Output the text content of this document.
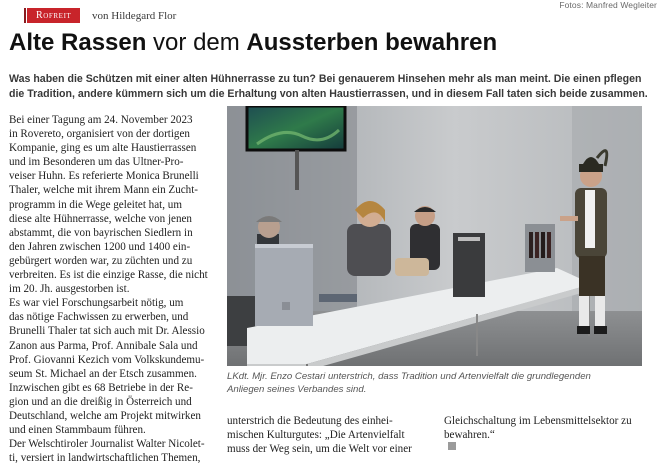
Fotos: Manfred Wegleiter
Rofreit	von Hildegard Flor
Alte Rassen vor dem Aussterben bewahren
Was haben die Schützen mit einer alten Hühnerrasse zu tun? Bei genauerem Hinsehen mehr als man meint. Die einen pflegen
die Tradition, andere kümmern sich um die Erhaltung von alten Haustierrassen, und in diesem Fall taten sich beide zusammen.
Bei einer Tagung am 24. November 2023
in Rovereto, organisiert von der dortigen
Kompanie, ging es um alte Haustierrassen
und im Besonderen um das Ultner-Pro-
veiser Huhn. Es referierte Monica Brunelli
Thaler, welche mit ihrem Mann ein Zucht-
programm in die Wege geleitet hat, um
diese alte Hühnerrasse, welche von jenen
abstammt, die von bayrischen Siedlern in
den Jahren zwischen 1200 und 1400 ein-
gebürgert worden war, zu züchten und zu
verbreiten. Es ist die einzige Rasse, die nicht
im 20. Jh. ausgestorben ist.
Es war viel Forschungsarbeit nötig, um
das nötige Fachwissen zu erwerben, und
Brunelli Thaler tat sich auch mit Dr. Alessio
Zanon aus Parma, Prof. Annibale Sala und
Prof. Giovanni Kezich vom Volkskundemu-
seum St. Michael an der Etsch zusammen.
Inzwischen gibt es 68 Betriebe in der Re-
gion und an die dreißig in Österreich und
Deutschland, welche am Projekt mitwirken
und einen Stammbaum führen.
Der Welschtiroler Journalist Walter Nicolet-
ti, versiert in landwirtschaftlichen Themen,
LKdt. Mjr. Enzo Cestari unterstrich, dass Tradition und Artenvielfalt die grundlegenden
Anliegen seines Verbandes sind.
unterstrich die Bedeutung des einhei-
mischen Kulturgutes: „Die Artenvielfalt
muss der Weg sein, um die Welt vor einer
Gleichschaltung im Lebensmittelsektor zu
bewahren.“
